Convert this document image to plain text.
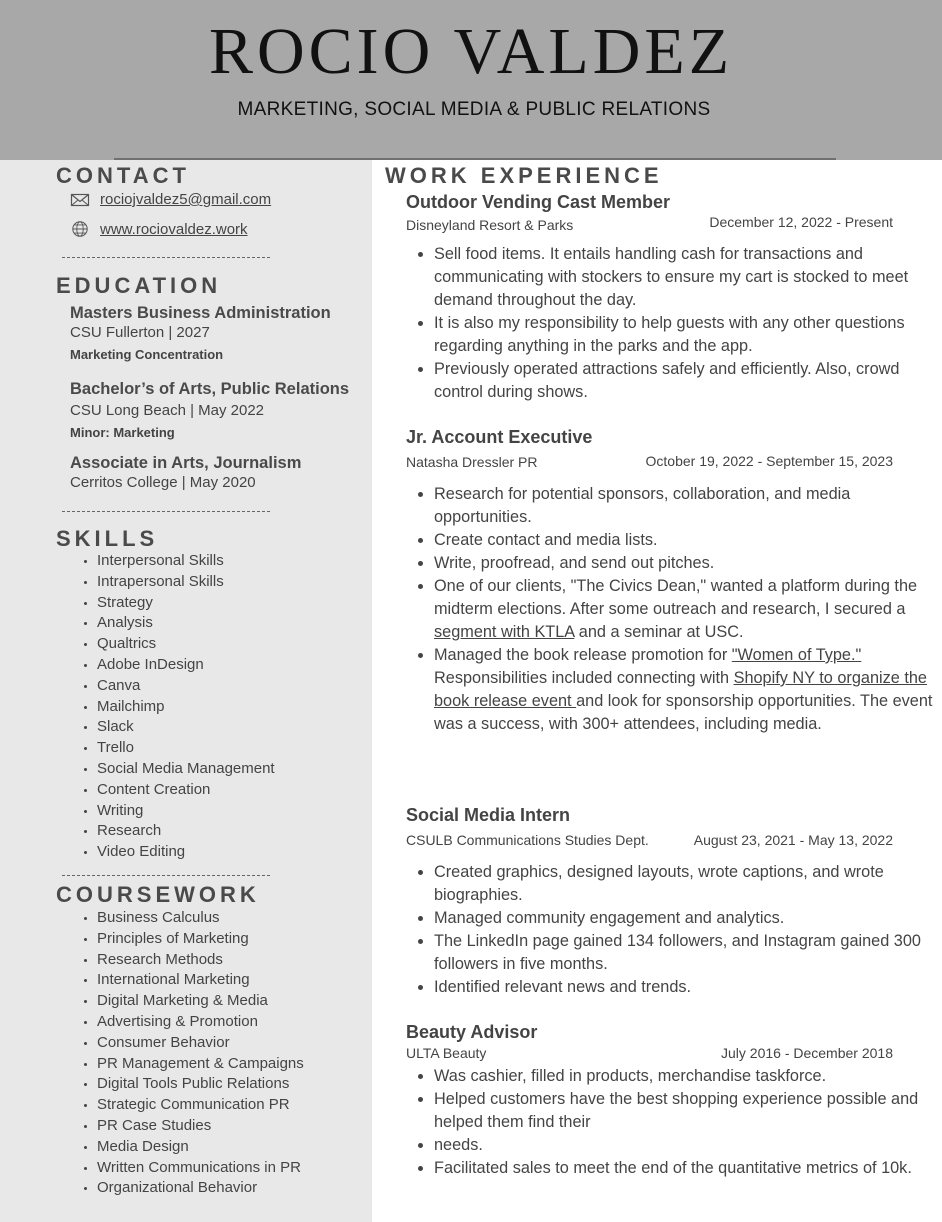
ROCIO VALDEZ
MARKETING, SOCIAL MEDIA & PUBLIC RELATIONS
CONTACT
rociojvaldez5@gmail.com
www.rociovaldez.work
EDUCATION
Masters Business Administration
CSU Fullerton | 2027
Marketing Concentration
Bachelor’s of Arts, Public Relations
CSU Long Beach | May 2022
Minor: Marketing
Associate in Arts, Journalism
Cerritos College | May 2020
SKILLS
• Interpersonal Skills
• Intrapersonal Skills
• Strategy
• Analysis
• Qualtrics
• Adobe InDesign
• Canva
• Mailchimp
• Slack
• Trello
• Social Media Management
• Content Creation
• Writing
• Research
• Video Editing
COURSEWORK
• Business Calculus
• Principles of Marketing
• Research Methods
• International Marketing
• Digital Marketing & Media
• Advertising & Promotion
• Consumer Behavior
• PR Management & Campaigns
• Digital Tools Public Relations
• Strategic Communication PR
• PR Case Studies
• Media Design
• Written Communications in PR
• Organizational Behavior
WORK EXPERIENCE
Outdoor Vending Cast Member
Disneyland Resort & Parks	December 12, 2022 - Present
• Sell food items. It entails handling cash for transactions and communicating with stockers to ensure my cart is stocked to meet demand throughout the day.
• It is also my responsibility to help guests with any other questions regarding anything in the parks and the app.
• Previously operated attractions safely and efficiently. Also, crowd control during shows.
Jr. Account Executive
Natasha Dressler PR	October 19, 2022 - September 15, 2023
• Research for potential sponsors, collaboration, and media opportunities.
• Create contact and media lists.
• Write, proofread, and send out pitches.
• One of our clients, "The Civics Dean," wanted a platform during the midterm elections. After some outreach and research, I secured a segment with KTLA and a seminar at USC.
• Managed the book release promotion for "Women of Type." Responsibilities included connecting with Shopify NY to organize the book release event and look for sponsorship opportunities. The event was a success, with 300+ attendees, including media.
Social Media Intern
CSULB Communications Studies Dept.	August 23, 2021 - May 13, 2022
• Created graphics, designed layouts, wrote captions, and wrote biographies.
• Managed community engagement and analytics.
• The LinkedIn page gained 134 followers, and Instagram gained 300 followers in five months.
• Identified relevant news and trends.
Beauty Advisor
ULTA Beauty	July 2016 - December 2018
• Was cashier, filled in products, merchandise taskforce.
• Helped customers have the best shopping experience possible and helped them find their
• needs.
• Facilitated sales to meet the end of the quantitative metrics of 10k.
